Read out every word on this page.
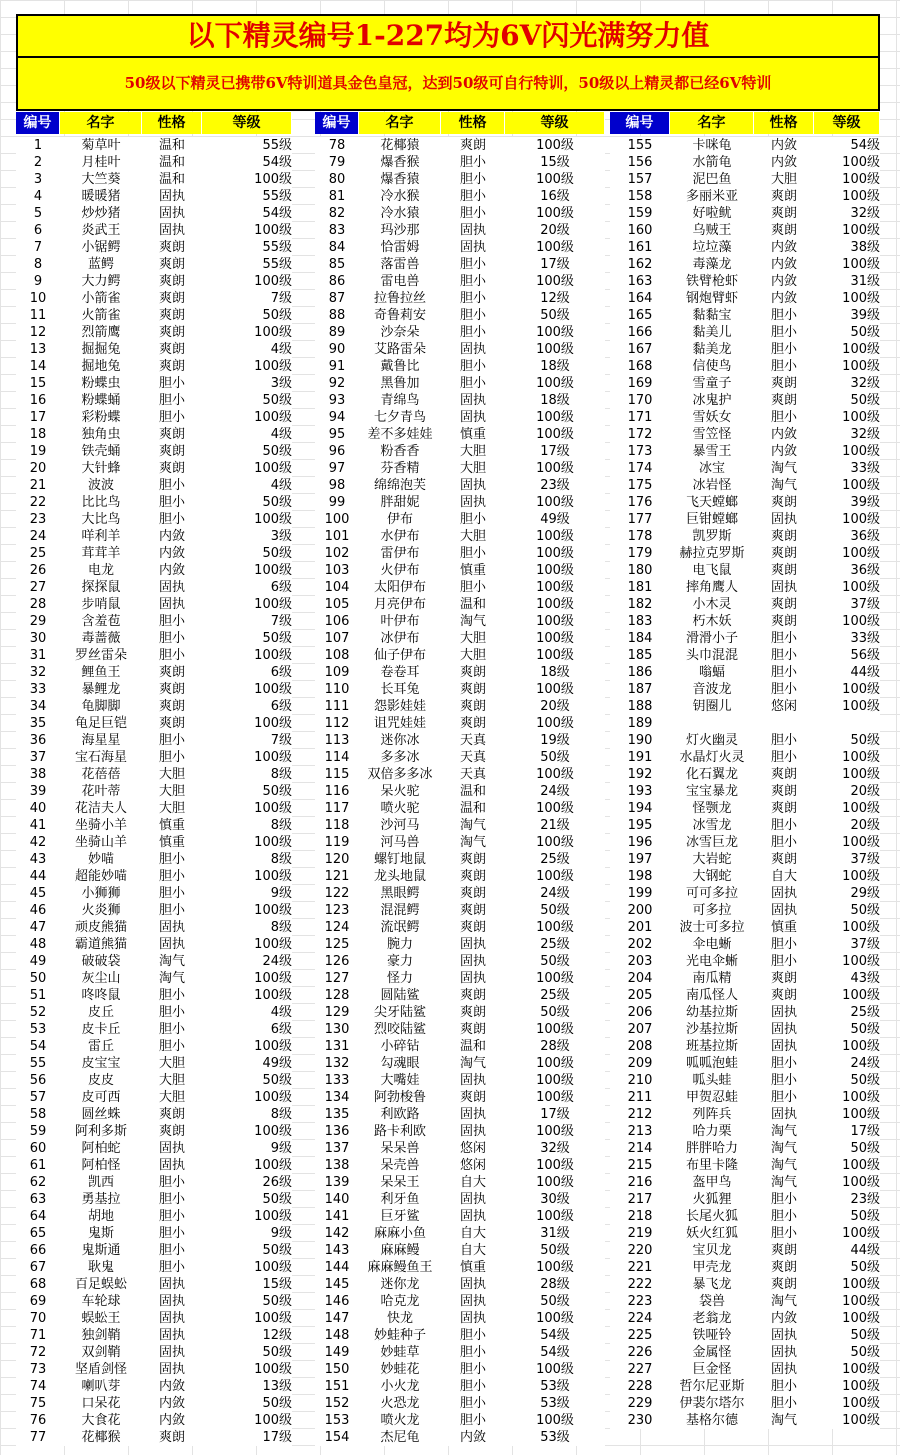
以下精灵编号1-227均为6V闪光满努力值
50级以下精灵已携带6V特训道具金色皇冠，达到50级可自行特训，50级以上精灵都已经6V特训
编号	名字	性格	等级	编号	名字	性格	等级	编号	名字	性格	等级
1	菊草叶	温和	55级
2	月桂叶	温和	54级
3	大竺葵	温和	100级
4	暖暖猪	固执	55级
5	炒炒猪	固执	54级
6	炎武王	固执	100级
7	小锯鳄	爽朗	55级
8	蓝鳄	爽朗	55级
9	大力鳄	爽朗	100级
10	小箭雀	爽朗	7级
11	火箭雀	爽朗	50级
12	烈箭鹰	爽朗	100级
13	掘掘兔	爽朗	4级
14	掘地兔	爽朗	100级
15	粉蝶虫	胆小	3级
16	粉蝶蛹	胆小	50级
17	彩粉蝶	胆小	100级
18	独角虫	爽朗	4级
19	铁壳蛹	爽朗	50级
20	大针蜂	爽朗	100级
21	波波	胆小	4级
22	比比鸟	胆小	50级
23	大比鸟	胆小	100级
24	咩利羊	内敛	3级
25	茸茸羊	内敛	50级
26	电龙	内敛	100级
27	探探鼠	固执	6级
28	步哨鼠	固执	100级
29	含羞苞	胆小	7级
30	毒蔷薇	胆小	50级
31	罗丝雷朵	胆小	100级
32	鲤鱼王	爽朗	6级
33	暴鲤龙	爽朗	100级
34	龟脚脚	爽朗	6级
35	龟足巨铠	爽朗	100级
36	海星星	胆小	7级
37	宝石海星	胆小	100级
38	花蓓蓓	大胆	8级
39	花叶蒂	大胆	50级
40	花洁夫人	大胆	100级
41	坐骑小羊	慎重	8级
42	坐骑山羊	慎重	100级
43	妙喵	胆小	8级
44	超能妙喵	胆小	100级
45	小狮狮	胆小	9级
46	火炎狮	胆小	100级
47	顽皮熊猫	固执	8级
48	霸道熊猫	固执	100级
49	破破袋	淘气	24级
50	灰尘山	淘气	100级
51	咚咚鼠	胆小	100级
52	皮丘	胆小	4级
53	皮卡丘	胆小	6级
54	雷丘	胆小	100级
55	皮宝宝	大胆	49级
56	皮皮	大胆	50级
57	皮可西	大胆	100级
58	圆丝蛛	爽朗	8级
59	阿利多斯	爽朗	100级
60	阿柏蛇	固执	9级
61	阿柏怪	固执	100级
62	凯西	胆小	26级
63	勇基拉	胆小	50级
64	胡地	胆小	100级
65	鬼斯	胆小	9级
66	鬼斯通	胆小	50级
67	耿鬼	胆小	100级
68	百足蜈蚣	固执	15级
69	车轮球	固执	50级
70	蜈蚣王	固执	100级
71	独剑鞘	固执	12级
72	双剑鞘	固执	50级
73	坚盾剑怪	固执	100级
74	喇叭芽	内敛	13级
75	口呆花	内敛	50级
76	大食花	内敛	100级
77	花椰猴	爽朗	17级
78	花椰猿	爽朗	100级
79	爆香猴	胆小	15级
80	爆香猿	胆小	100级
81	冷水猴	胆小	16级
82	冷水猿	胆小	100级
83	玛沙那	固执	20级
84	恰雷姆	固执	100级
85	落雷兽	胆小	17级
86	雷电兽	胆小	100级
87	拉鲁拉丝	胆小	12级
88	奇鲁莉安	胆小	50级
89	沙奈朵	胆小	100级
90	艾路雷朵	固执	100级
91	戴鲁比	胆小	18级
92	黑鲁加	胆小	100级
93	青绵鸟	固执	18级
94	七夕青鸟	固执	100级
95	差不多娃娃	慎重	100级
96	粉香香	大胆	17级
97	芬香精	大胆	100级
98	绵绵泡芙	固执	23级
99	胖甜妮	固执	100级
100	伊布	胆小	49级
101	水伊布	大胆	100级
102	雷伊布	胆小	100级
103	火伊布	慎重	100级
104	太阳伊布	胆小	100级
105	月亮伊布	温和	100级
106	叶伊布	淘气	100级
107	冰伊布	大胆	100级
108	仙子伊布	大胆	100级
109	卷卷耳	爽朗	18级
110	长耳兔	爽朗	100级
111	怨影娃娃	爽朗	20级
112	诅咒娃娃	爽朗	100级
113	迷你冰	天真	19级
114	多多冰	天真	50级
115	双倍多多冰	天真	100级
116	呆火驼	温和	24级
117	喷火驼	温和	100级
118	沙河马	淘气	21级
119	河马兽	淘气	100级
120	螺钉地鼠	爽朗	25级
121	龙头地鼠	爽朗	100级
122	黑眼鳄	爽朗	24级
123	混混鳄	爽朗	50级
124	流氓鳄	爽朗	100级
125	腕力	固执	25级
126	豪力	固执	50级
127	怪力	固执	100级
128	圆陆鲨	爽朗	25级
129	尖牙陆鲨	爽朗	50级
130	烈咬陆鲨	爽朗	100级
131	小碎钻	温和	28级
132	勾魂眼	淘气	100级
133	大嘴娃	固执	100级
134	阿勃梭鲁	爽朗	100级
135	利欧路	固执	17级
136	路卡利欧	固执	100级
137	呆呆兽	悠闲	32级
138	呆壳兽	悠闲	100级
139	呆呆王	自大	100级
140	利牙鱼	固执	30级
141	巨牙鲨	固执	100级
142	麻麻小鱼	自大	31级
143	麻麻鳗	自大	50级
144	麻麻鳗鱼王	慎重	100级
145	迷你龙	固执	28级
146	哈克龙	固执	50级
147	快龙	固执	100级
148	妙蛙种子	胆小	54级
149	妙蛙草	胆小	54级
150	妙蛙花	胆小	100级
151	小火龙	胆小	53级
152	火恐龙	胆小	53级
153	喷火龙	胆小	100级
154	杰尼龟	内敛	53级
155	卡咪龟	内敛	54级
156	水箭龟	内敛	100级
157	泥巴鱼	大胆	100级
158	多丽米亚	爽朗	100级
159	好啦鱿	爽朗	32级
160	乌贼王	爽朗	100级
161	垃垃藻	内敛	38级
162	毒藻龙	内敛	100级
163	铁臂枪虾	内敛	31级
164	钢炮臂虾	内敛	100级
165	黏黏宝	胆小	39级
166	黏美儿	胆小	50级
167	黏美龙	胆小	100级
168	信使鸟	胆小	100级
169	雪童子	爽朗	32级
170	冰鬼护	爽朗	50级
171	雪妖女	胆小	100级
172	雪笠怪	内敛	32级
173	暴雪王	内敛	100级
174	冰宝	淘气	33级
175	冰岩怪	淘气	100级
176	飞天螳螂	爽朗	39级
177	巨钳螳螂	固执	100级
178	凯罗斯	爽朗	36级
179	赫拉克罗斯	爽朗	100级
180	电飞鼠	爽朗	36级
181	摔角鹰人	固执	100级
182	小木灵	爽朗	37级
183	朽木妖	爽朗	100级
184	滑滑小子	胆小	33级
185	头巾混混	胆小	56级
186	嗡蝠	胆小	44级
187	音波龙	胆小	100级
188	钥圈儿	悠闲	100级
189
190	灯火幽灵	胆小	50级
191	水晶灯火灵	胆小	100级
192	化石翼龙	爽朗	100级
193	宝宝暴龙	爽朗	20级
194	怪颚龙	爽朗	100级
195	冰雪龙	胆小	20级
196	冰雪巨龙	胆小	100级
197	大岩蛇	爽朗	37级
198	大钢蛇	自大	100级
199	可可多拉	固执	29级
200	可多拉	固执	50级
201	波士可多拉	慎重	100级
202	伞电蜥	胆小	37级
203	光电伞蜥	胆小	100级
204	南瓜精	爽朗	43级
205	南瓜怪人	爽朗	100级
206	幼基拉斯	固执	25级
207	沙基拉斯	固执	50级
208	班基拉斯	固执	100级
209	呱呱泡蛙	胆小	24级
210	呱头蛙	胆小	50级
211	甲贺忍蛙	胆小	100级
212	列阵兵	固执	100级
213	哈力栗	淘气	17级
214	胖胖哈力	淘气	50级
215	布里卡隆	淘气	100级
216	盔甲鸟	淘气	100级
217	火狐狸	胆小	23级
218	长尾火狐	胆小	50级
219	妖火红狐	胆小	100级
220	宝贝龙	爽朗	44级
221	甲壳龙	爽朗	50级
222	暴飞龙	爽朗	100级
223	袋兽	淘气	100级
224	老翁龙	内敛	100级
225	铁哑铃	固执	50级
226	金属怪	固执	50级
227	巨金怪	固执	100级
228	哲尔尼亚斯	胆小	100级
229	伊裴尔塔尔	胆小	100级
230	基格尔德	淘气	100级
